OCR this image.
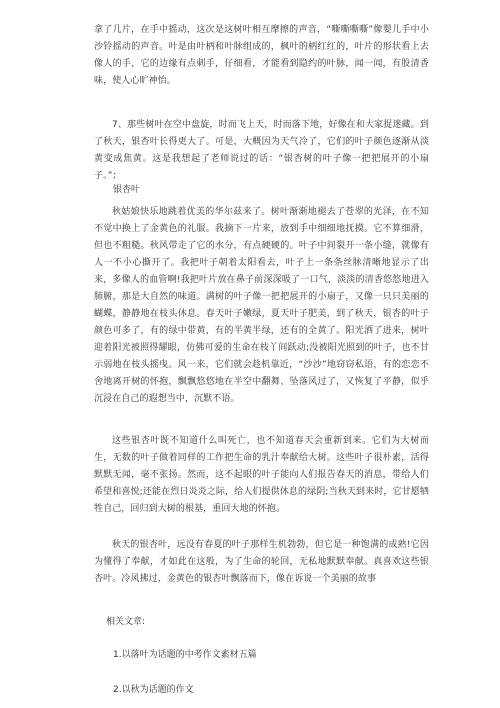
拿了几片，在手中摇动，这次是这树叶相互摩擦的声音，“嘶嘶嘶嘶”像婴儿手中小沙铃摇动的声音。叶是由叶柄和叶脉组成的，枫叶的柄红红的，叶片的形状看上去像人的手，它的边缘有点刺手，仔细看，才能看到隐约的叶脉，闻一闻，有股清香味，使人心旷神怡。

7、那些树叶在空中盘旋，时而飞上天，时而落下地，好像在和大家捉迷藏。到了秋天，银杏叶长得更大了。可是，大概因为天气冷了，它们的叶子颜色逐渐从淡黄变成焦黄。这是我想起了老师说过的话：“银杏树的叶子像一把把展开的小扇子。”；

银杏叶

秋姑娘快乐地跳着优美的华尔兹来了。树叶渐渐地褪去了苍翠的光泽，在不知不觉中换上了金黄色的礼服。我摘下一片来，放到手中细细地抚摸。它不算细滑，但也不粗糙。秋风带走了它的水分，有点硬硬的。叶子中间裂开一条小缝，就像有人一不小心撕开了。我把叶子朝着太阳看去，叶子上一条条丝脉清晰地显示了出来，多像人的血管啊!我把叶片放在鼻子前深深吸了一口气，淡淡的清香悠悠地进入肺腑，那是大自然的味道。满树的叶子像一把把展开的小扇子，又像一只只美丽的蝴蝶，静静地在枝头休息。春天叶子嫩绿，夏天叶子肥美，到了秋天，银杏的叶子颜色可多了，有的绿中带黄，有的半黄半绿，还有的全黄了。阳光洒了进来，树叶迎着阳光被照得耀眼，仿佛可爱的生命在枝丫间跃动;没被阳光照到的叶子，也不甘示弱地在枝头摇曳。风一来，它们就会趁机靠近，“沙沙”地窃窃私语，有的恋恋不舍地离开树的怀抱，飘飘悠悠地在半空中翻舞、坠落风过了，又恢复了平静，似乎沉浸在自己的遐想当中，沉默不语。

这些银杏叶既不知道什么叫死亡，也不知道春天会重新到来。它们为大树而生，无数的叶子做着同样的工作把生命的乳汁奉献给大树。这些叶子很朴素，活得默默无闻，毫不张扬。然而，这不起眼的叶子能向人们报告春天的消息，带给人们希望和喜悦;还能在烈日炎炎之际，给人们提供休息的绿阴;当秋天到来时，它甘愿牺牲自己，回归到大树的根基，重回大地的怀抱。

秋天的银杏叶，远没有春夏的叶子那样生机勃勃，但它是一种饱满的成熟!它因为懂得了奉献，才如此在这般，为了生命的轮回，无私地默默奉献。真喜欢这些银杏叶。冷风拂过，金黄色的银杏叶飘落而下，像在诉说一个美丽的故事

相关文章:

1.以落叶为话题的中考作文素材五篇
2.以秋为话题的作文
